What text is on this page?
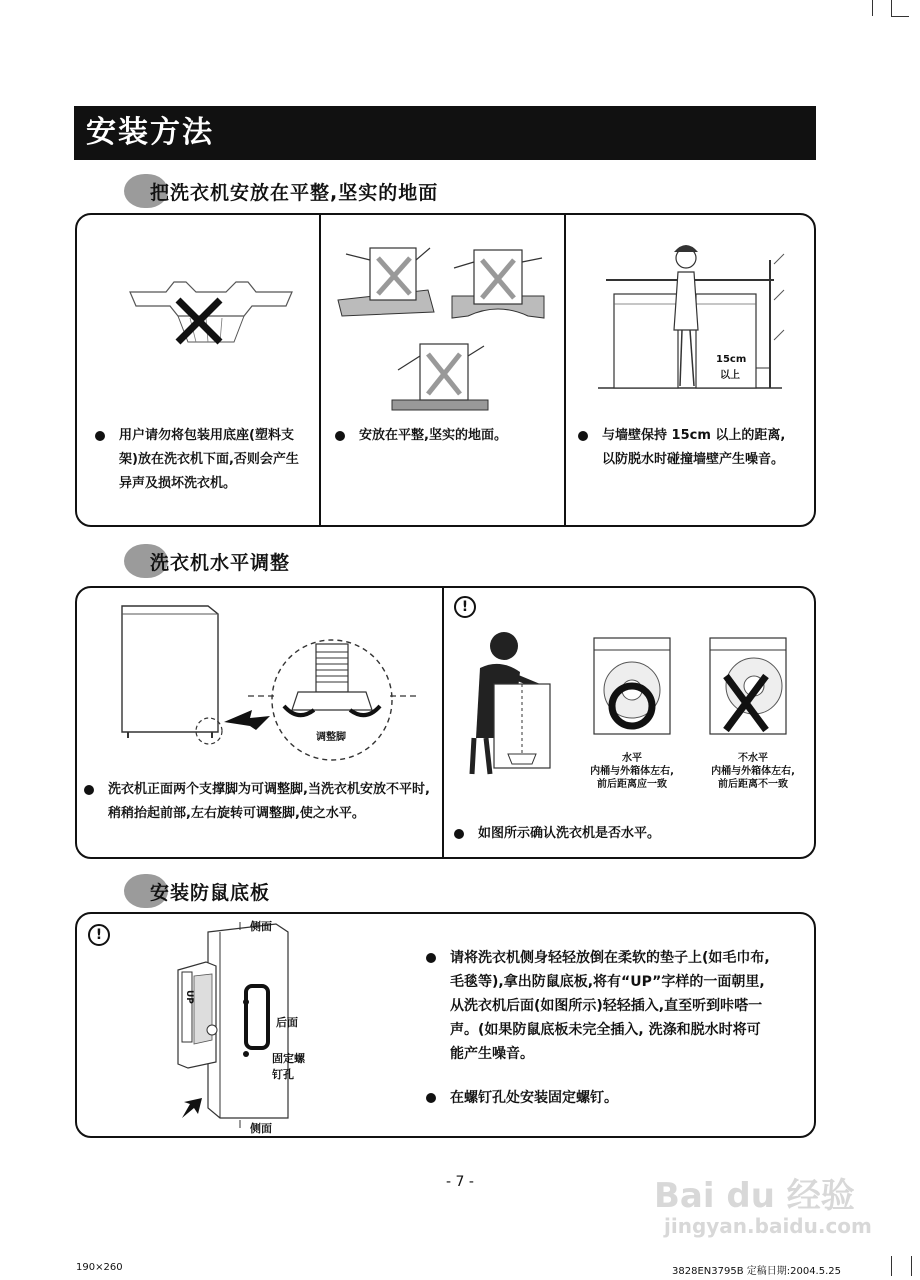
安装方法
把洗衣机安放在平整,坚实的地面
15cm
以上
用户请勿将包装用底座(塑料支架)放在洗衣机下面,否则会产生异声及损坏洗衣机。
安放在平整,坚实的地面。	与墙壁保持 15cm 以上的距离,以防脱水时碰撞墙壁产生噪音。
洗衣机水平调整
调整脚
洗衣机正面两个支撑脚为可调整脚,当洗衣机安放不平时,稍稍抬起前部,左右旋转可调整脚,使之水平。
!
水平
内桶与外箱体左右,
前后距离应一致
不水平
内桶与外箱体左右,
前后距离不一致
如图所示确认洗衣机是否水平。
安装防鼠底板
!
UP
侧面
后面
固定螺
钉孔
侧面
请将洗衣机侧身轻轻放倒在柔软的垫子上(如毛巾布,毛毯等),拿出防鼠底板,将有“UP”字样的一面朝里,从洗衣机后面(如图所示)轻轻插入,直至听到咔嗒一声。(如果防鼠底板未完全插入, 洗涤和脱水时将可能产生噪音。
在螺钉孔处安装固定螺钉。
- 7 -
190×260	3828EN3795B 定稿日期:2004.5.25
Bai du 经验
jingyan.baidu.com
